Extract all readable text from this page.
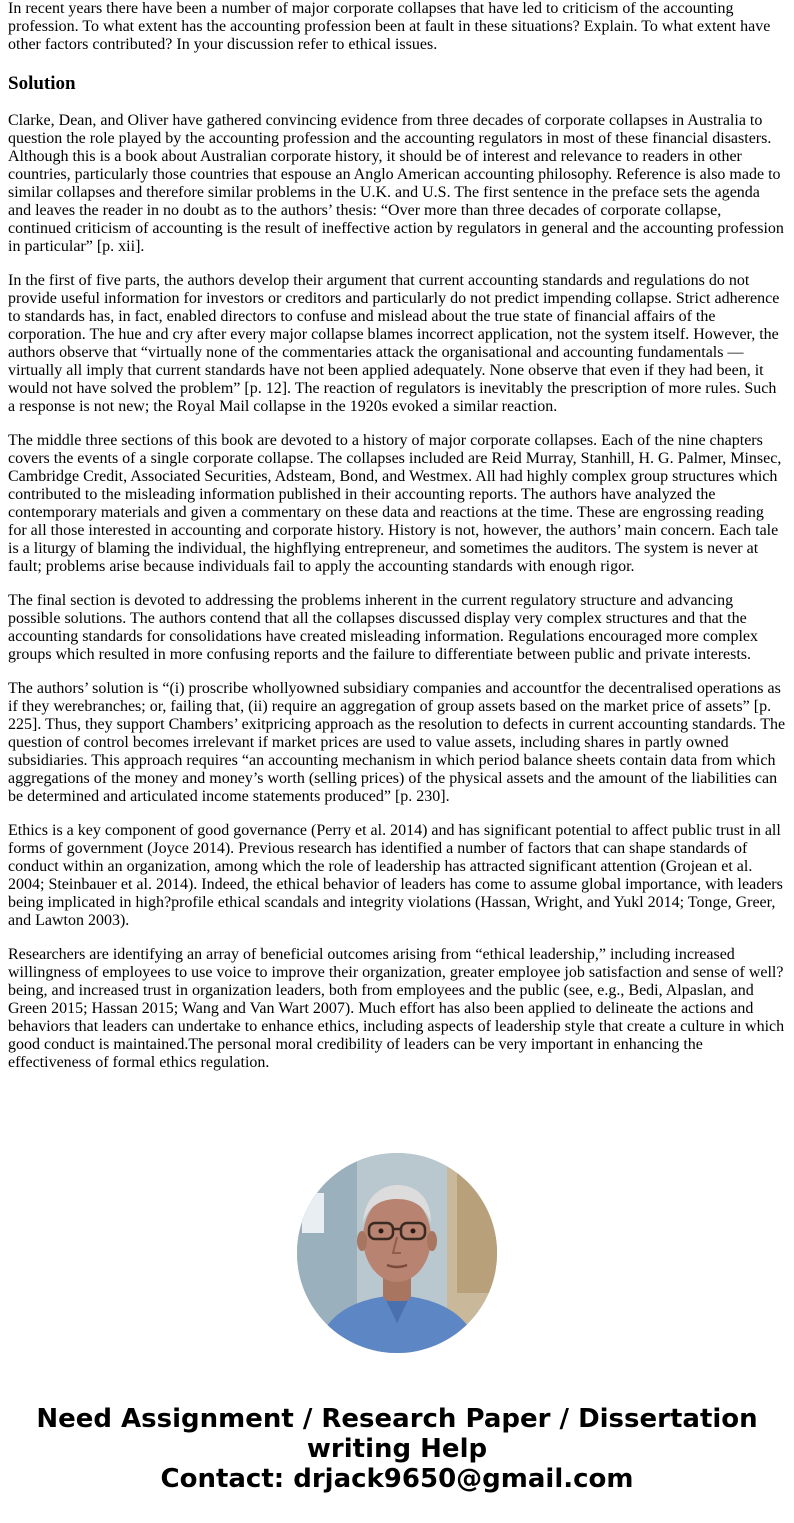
In recent years there have been a number of major corporate collapses that have led to criticism of the accounting profession. To what extent has the accounting profession been at fault in these situations? Explain. To what extent have other factors contributed? In your discussion refer to ethical issues.

Solution

Clarke, Dean, and Oliver have gathered convincing evidence from three decades of corporate collapses in Australia to question the role played by the accounting profession and the accounting regulators in most of these financial disasters. Although this is a book about Australian corporate history, it should be of interest and relevance to readers in other countries, particularly those countries that espouse an Anglo American accounting philosophy. Reference is also made to similar collapses and therefore similar problems in the U.K. and U.S. The first sentence in the preface sets the agenda and leaves the reader in no doubt as to the authors’ thesis: “Over more than three decades of corporate collapse, continued criticism of accounting is the result of ineffective action by regulators in general and the accounting profession in particular” [p. xii].

In the first of five parts, the authors develop their argument that current accounting standards and regulations do not provide useful information for investors or creditors and particularly do not predict impending collapse. Strict adherence to standards has, in fact, enabled directors to confuse and mislead about the true state of financial affairs of the corporation. The hue and cry after every major collapse blames incorrect application, not the system itself. However, the authors observe that “virtually none of the commentaries attack the organisational and accounting fundamentals — virtually all imply that current standards have not been applied adequately. None observe that even if they had been, it would not have solved the problem” [p. 12]. The reaction of regulators is inevitably the prescription of more rules. Such a response is not new; the Royal Mail collapse in the 1920s evoked a similar reaction.

The middle three sections of this book are devoted to a history of major corporate collapses. Each of the nine chapters covers the events of a single corporate collapse. The collapses included are Reid Murray, Stanhill, H. G. Palmer, Minsec, Cambridge Credit, Associated Securities, Adsteam, Bond, and Westmex. All had highly complex group structures which contributed to the misleading information published in their accounting reports. The authors have analyzed the contemporary materials and given a commentary on these data and reactions at the time. These are engrossing reading for all those interested in accounting and corporate history. History is not, however, the authors’ main concern. Each tale is a liturgy of blaming the individual, the highflying entrepreneur, and sometimes the auditors. The system is never at fault; problems arise because individuals fail to apply the accounting standards with enough rigor.

The final section is devoted to addressing the problems inherent in the current regulatory structure and advancing possible solutions. The authors contend that all the collapses discussed display very complex structures and that the accounting standards for consolidations have created misleading information. Regulations encouraged more complex groups which resulted in more confusing reports and the failure to differentiate between public and private interests.

The authors’ solution is “(i) proscribe whollyowned subsidiary companies and accountfor the decentralised operations as if they werebranches; or, failing that, (ii) require an aggregation of group assets based on the market price of assets” [p. 225]. Thus, they support Chambers’ exitpricing approach as the resolution to defects in current accounting standards. The question of control becomes irrelevant if market prices are used to value assets, including shares in partly owned subsidiaries. This approach requires “an accounting mechanism in which period balance sheets contain data from which aggregations of the money and money’s worth (selling prices) of the physical assets and the amount of the liabilities can be determined and articulated income statements produced” [p. 230].

Ethics is a key component of good governance (Perry et al. 2014) and has significant potential to affect public trust in all forms of government (Joyce 2014). Previous research has identified a number of factors that can shape standards of conduct within an organization, among which the role of leadership has attracted significant attention (Grojean et al. 2004; Steinbauer et al. 2014). Indeed, the ethical behavior of leaders has come to assume global importance, with leaders being implicated in high?profile ethical scandals and integrity violations (Hassan, Wright, and Yukl 2014; Tonge, Greer, and Lawton 2003).

Researchers are identifying an array of beneficial outcomes arising from “ethical leadership,” including increased willingness of employees to use voice to improve their organization, greater employee job satisfaction and sense of well?being, and increased trust in organization leaders, both from employees and the public (see, e.g., Bedi, Alpaslan, and Green 2015; Hassan 2015; Wang and Van Wart 2007). Much effort has also been applied to delineate the actions and behaviors that leaders can undertake to enhance ethics, including aspects of leadership style that create a culture in which good conduct is maintained.The personal moral credibility of leaders can be very important in enhancing the effectiveness of formal ethics regulation.

Need Assignment / Research Paper / Dissertation writing Help
Contact: drjack9650@gmail.com
